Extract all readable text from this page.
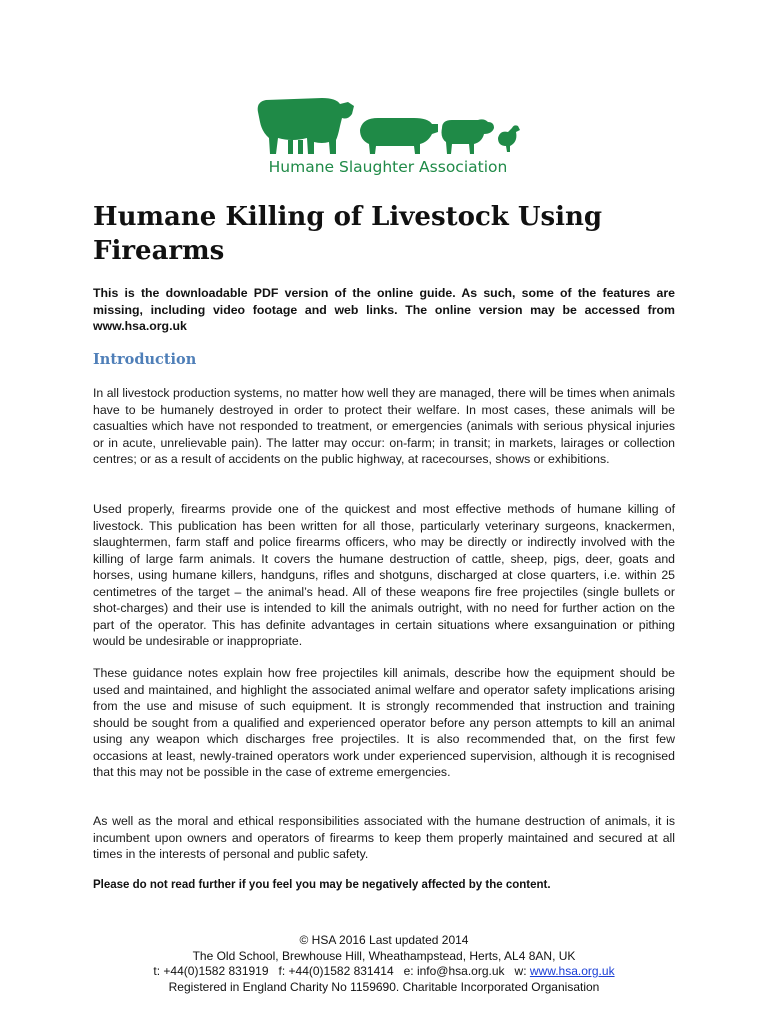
Humane Slaughter Association
Humane Killing of Livestock Using Firearms

This is the downloadable PDF version of the online guide. As such, some of the features are missing, including video footage and web links. The online version may be accessed from www.hsa.org.uk

Introduction

In all livestock production systems, no matter how well they are managed, there will be times when animals have to be humanely destroyed in order to protect their welfare. In most cases, these animals will be casualties which have not responded to treatment, or emergencies (animals with serious physical injuries or in acute, unrelievable pain). The latter may occur: on-farm; in transit; in markets, lairages or collection centres; or as a result of accidents on the public highway, at racecourses, shows or exhibitions.

Used properly, firearms provide one of the quickest and most effective methods of humane killing of livestock. This publication has been written for all those, particularly veterinary surgeons, knackermen, slaughtermen, farm staff and police firearms officers, who may be directly or indirectly involved with the killing of large farm animals. It covers the humane destruction of cattle, sheep, pigs, deer, goats and horses, using humane killers, handguns, rifles and shotguns, discharged at close quarters, i.e. within 25 centimetres of the target – the animal’s head. All of these weapons fire free projectiles (single bullets or shot-charges) and their use is intended to kill the animals outright, with no need for further action on the part of the operator. This has definite advantages in certain situations where exsanguination or pithing would be undesirable or inappropriate.

These guidance notes explain how free projectiles kill animals, describe how the equipment should be used and maintained, and highlight the associated animal welfare and operator safety implications arising from the use and misuse of such equipment. It is strongly recommended that instruction and training should be sought from a qualified and experienced operator before any person attempts to kill an animal using any weapon which discharges free projectiles. It is also recommended that, on the first few occasions at least, newly-trained operators work under experienced supervision, although it is recognised that this may not be possible in the case of extreme emergencies.

As well as the moral and ethical responsibilities associated with the humane destruction of animals, it is incumbent upon owners and operators of firearms to keep them properly maintained and secured at all times in the interests of personal and public safety.

Please do not read further if you feel you may be negatively affected by the content.

© HSA 2016 Last updated 2014
The Old School, Brewhouse Hill, Wheathampstead, Herts, AL4 8AN, UK
t: +44(0)1582 831919   f: +44(0)1582 831414   e: info@hsa.org.uk   w: www.hsa.org.uk
Registered in England Charity No 1159690. Charitable Incorporated Organisation
